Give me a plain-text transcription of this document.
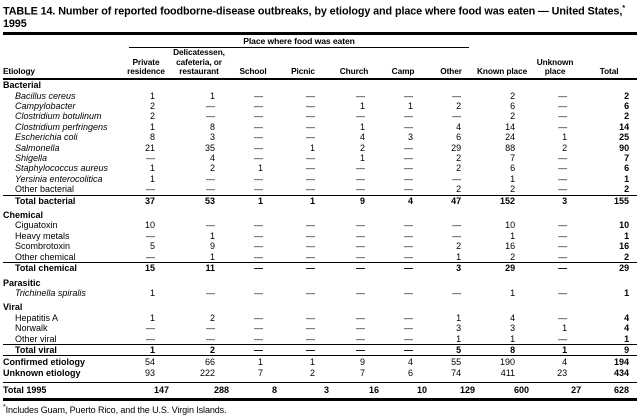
TABLE 14. Number of reported foodborne-disease outbreaks, by etiology and place where food was eaten — United States,* 1995
Etiology	Place where food was eaten							Known place	Unknown place	Total
	Private residence	Delicatessen, cafeteria, or restaurant	School	Picnic	Church	Camp	Other			
Bacterial										
Bacillus cereus	1	1	—	—	—	—	—	2	—	2
Campylobacter	2	—	—	—	1	1	2	6	—	6
Clostridium botulinum	2	—	—	—	—	—	—	2	—	2
Clostridium perfringens	1	8	—	—	1	—	4	14	—	14
Escherichia coli	8	3	—	—	4	3	6	24	1	25
Salmonella	21	35	—	1	2	—	29	88	2	90
Shigella	—	4	—	—	1	—	2	7	—	7
Staphylococcus aureus	1	2	1	—	—	—	2	6	—	6
Yersinia enterocolitica	1	—	—	—	—	—	—	1	—	1
Other bacterial	—	—	—	—	—	—	2	2	—	2
Total bacterial	37	53	1	1	9	4	47	152	3	155
Chemical										
Ciguatoxin	10	—	—	—	—	—	—	10	—	10
Heavy metals	—	1	—	—	—	—	—	1	—	1
Scombrotoxin	5	9	—	—	—	—	2	16	—	16
Other chemical	—	1	—	—	—	—	1	2	—	2
Total chemical	15	11	—	—	—	—	3	29	—	29
Parasitic										
Trichinella spiralis	1	—	—	—	—	—	—	1	—	1
Viral										
Hepatitis A	1	2	—	—	—	—	1	4	—	4
Norwalk	—	—	—	—	—	—	3	3	1	4
Other viral	—	—	—	—	—	—	1	1	—	1
Total viral	1	2	—	—	—	—	5	8	1	9
Confirmed etiology	54	66	1	1	9	4	55	190	4	194
Unknown etiology	93	222	7	2	7	6	74	411	23	434
Total 1995	147	288	8	3	16	10	129	600	27	628
*Includes Guam, Puerto Rico, and the U.S. Virgin Islands.
